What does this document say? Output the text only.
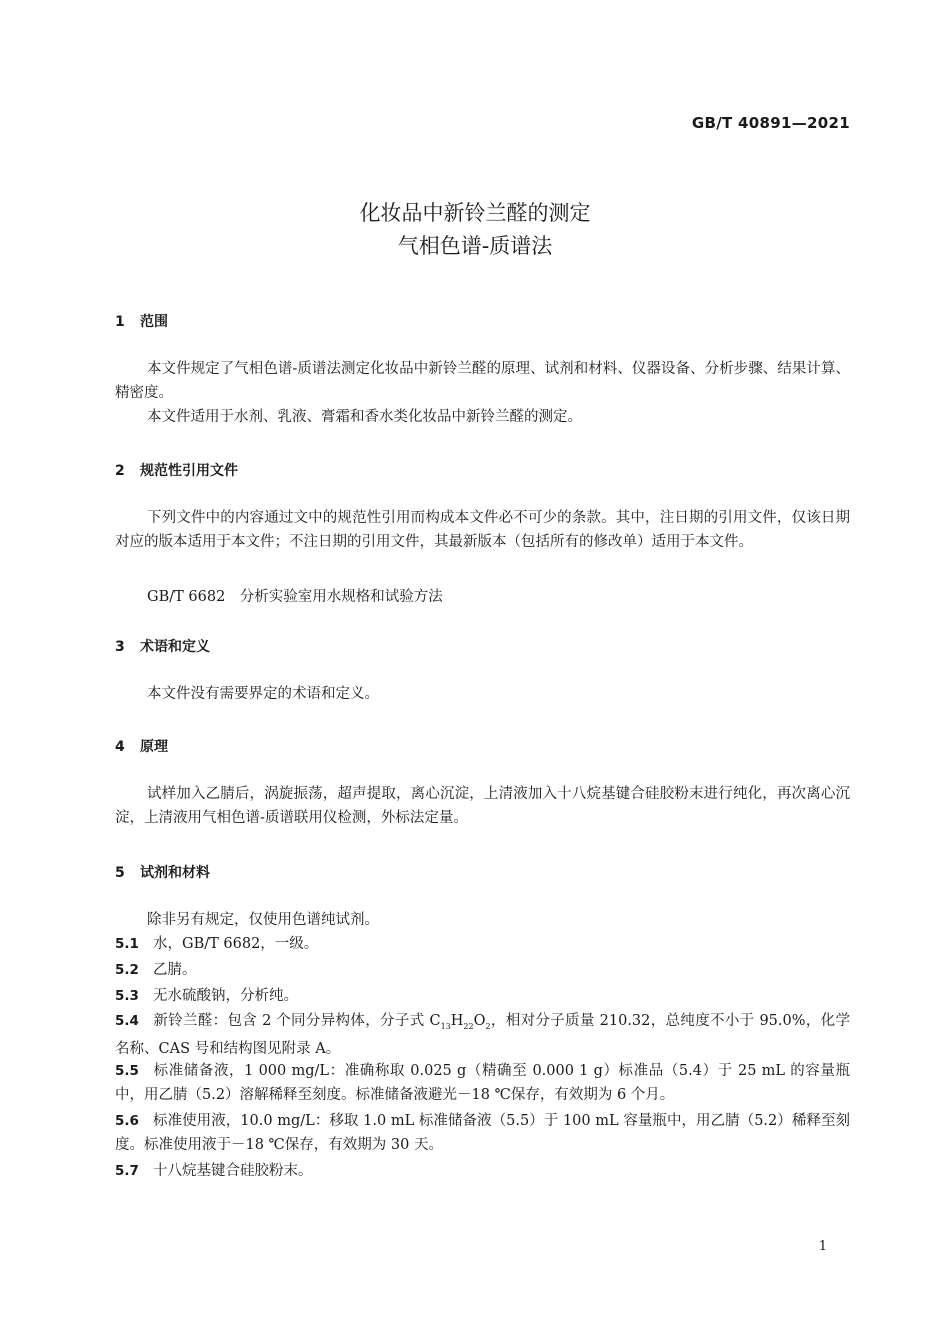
GB/T 40891—2021
化妆品中新铃兰醛的测定
气相色谱-质谱法
1 范围
本文件规定了气相色谱-质谱法测定化妆品中新铃兰醛的原理、试剂和材料、仪器设备、分析步骤、结果计算、精密度。
本文件适用于水剂、乳液、膏霜和香水类化妆品中新铃兰醛的测定。
2 规范性引用文件
下列文件中的内容通过文中的规范性引用而构成本文件必不可少的条款。其中，注日期的引用文件，仅该日期对应的版本适用于本文件；不注日期的引用文件，其最新版本（包括所有的修改单）适用于本文件。
GB/T 6682　分析实验室用水规格和试验方法
3 术语和定义
本文件没有需要界定的术语和定义。
4 原理
试样加入乙腈后，涡旋振荡，超声提取，离心沉淀，上清液加入十八烷基键合硅胶粉末进行纯化，再次离心沉淀，上清液用气相色谱-质谱联用仪检测，外标法定量。
5 试剂和材料
除非另有规定，仅使用色谱纯试剂。
5.1 水，GB/T 6682，一级。
5.2 乙腈。
5.3 无水硫酸钠，分析纯。
5.4 新铃兰醛：包含 2 个同分异构体，分子式 $C_{13}H_{22}O_2$，相对分子质量 210.32，总纯度不小于 95.0%，化学名称、CAS 号和结构图见附录 A。
5.5 标准储备液，1 000 mg/L：准确称取 0.025 g（精确至 0.000 1 g）标准品（5.4）于 25 mL 的容量瓶中，用乙腈（5.2）溶解稀释至刻度。标准储备液避光－18 ℃保存，有效期为 6 个月。
5.6 标准使用液，10.0 mg/L：移取 1.0 mL 标准储备液（5.5）于 100 mL 容量瓶中，用乙腈（5.2）稀释至刻度。标准使用液于－18 ℃保存，有效期为 30 天。
5.7 十八烷基键合硅胶粉末。
1
